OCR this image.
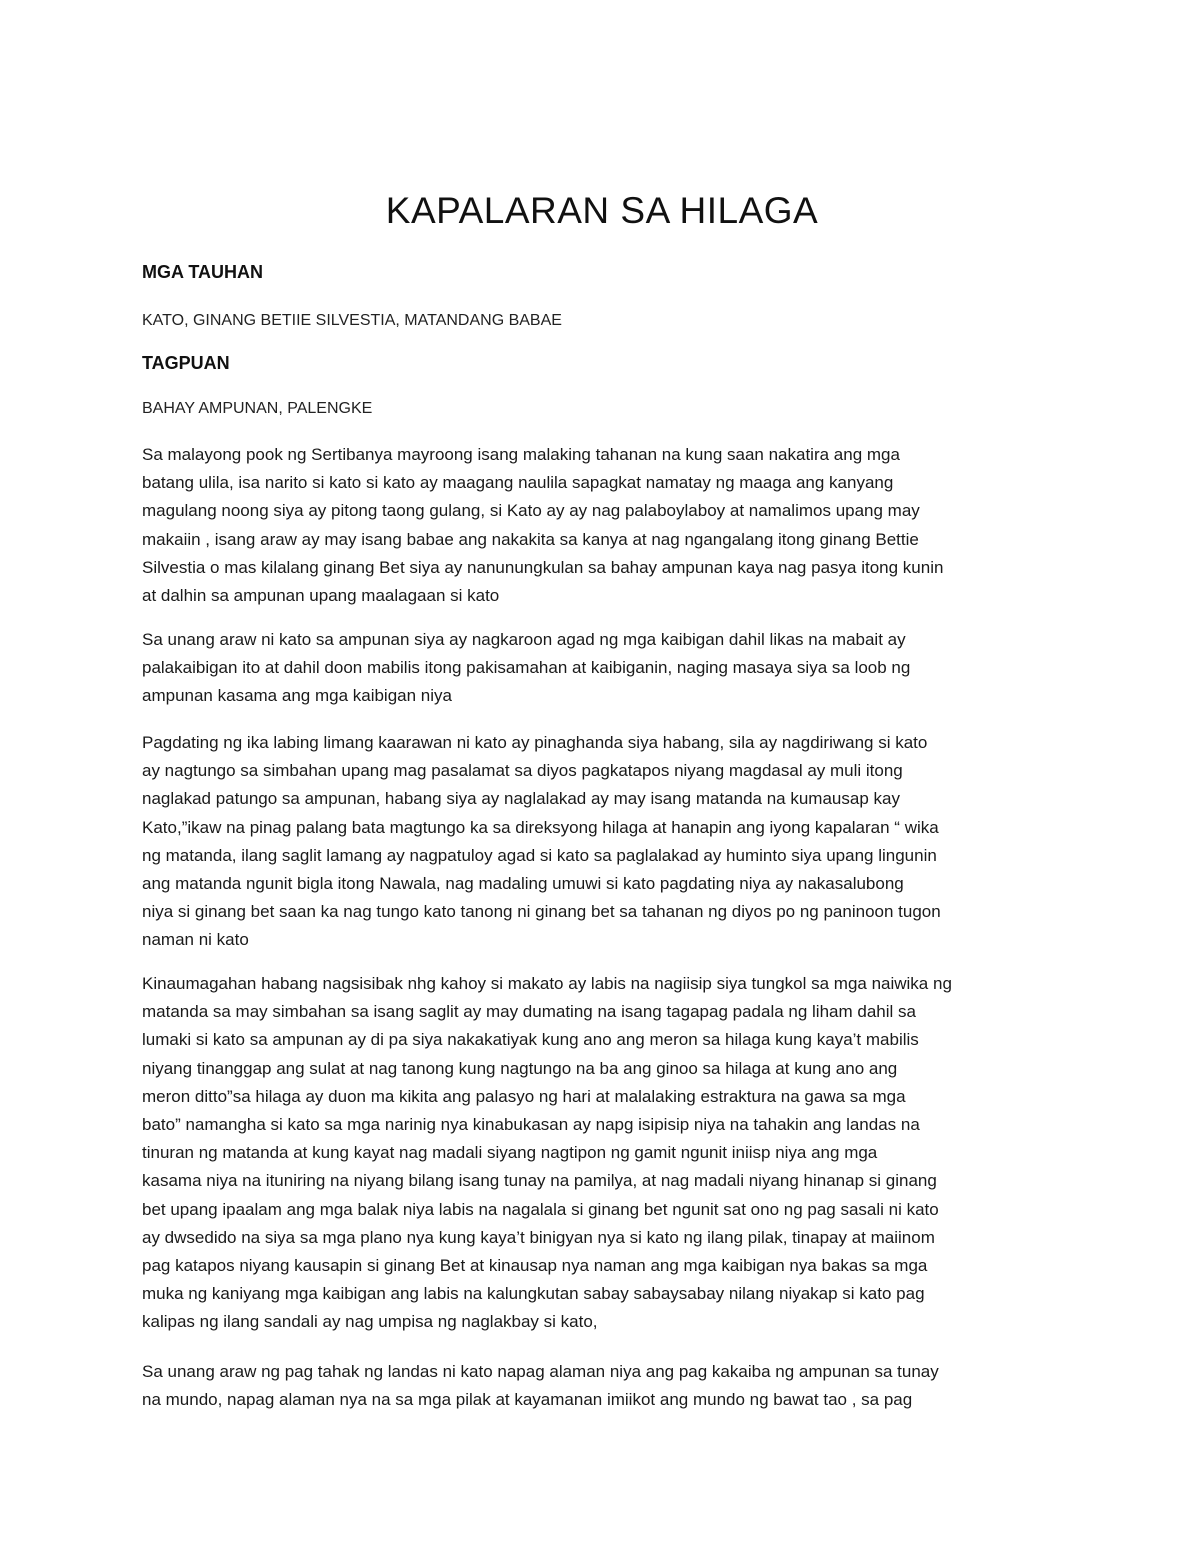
KAPALARAN SA HILAGA
MGA TAUHAN

KATO, GINANG BETIIE SILVESTIA, MATANDANG BABAE

TAGPUAN

BAHAY AMPUNAN, PALENGKE

Sa malayong pook ng Sertibanya mayroong isang malaking tahanan na kung saan nakatira ang mga
batang ulila, isa narito si kato si kato ay maagang naulila sapagkat namatay ng maaga ang kanyang
magulang noong siya ay pitong taong gulang, si Kato ay ay nag palaboylaboy at namalimos upang may
makaiin , isang araw ay may isang babae ang nakakita sa kanya at nag ngangalang itong ginang Bettie
Silvestia o mas kilalang ginang Bet siya ay nanunungkulan sa bahay ampunan kaya nag pasya itong kunin
at dalhin sa ampunan upang maalagaan si kato

Sa unang araw ni kato sa ampunan siya ay nagkaroon agad ng mga kaibigan dahil likas na mabait ay
palakaibigan ito at dahil doon mabilis itong pakisamahan at kaibiganin, naging masaya siya sa loob ng
ampunan kasama ang mga kaibigan niya

Pagdating ng ika labing limang kaarawan ni kato ay pinaghanda siya habang, sila ay nagdiriwang si kato
ay nagtungo sa simbahan upang mag pasalamat sa diyos pagkatapos niyang magdasal ay muli itong
naglakad patungo sa ampunan, habang siya ay naglalakad ay may isang matanda na kumausap kay
Kato,”ikaw na pinag palang bata magtungo ka sa direksyong hilaga at hanapin ang iyong kapalaran “ wika
ng matanda, ilang saglit lamang ay nagpatuloy agad si kato sa paglalakad ay huminto siya upang lingunin
ang matanda ngunit bigla itong Nawala, nag madaling umuwi si kato pagdating niya ay nakasalubong
niya si ginang bet saan ka nag tungo kato tanong ni ginang bet sa tahanan ng diyos po ng paninoon tugon
naman ni kato

Kinaumagahan habang nagsisibak nhg kahoy si makato ay labis na nagiisip siya tungkol sa mga naiwika ng
matanda sa may simbahan sa isang saglit ay may dumating na isang tagapag padala ng liham dahil sa
lumaki si kato sa ampunan ay di pa siya nakakatiyak kung ano ang meron sa hilaga kung kaya’t mabilis
niyang tinanggap ang sulat at nag tanong kung nagtungo na ba ang ginoo sa hilaga at kung ano ang
meron ditto”sa hilaga ay duon ma kikita ang palasyo ng hari at malalaking estraktura na gawa sa mga
bato” namangha si kato sa mga narinig nya kinabukasan ay napg isipisip niya na tahakin ang landas na
tinuran ng matanda at kung kayat nag madali siyang nagtipon ng gamit ngunit iniisp niya ang mga
kasama niya na ituniring na niyang bilang isang tunay na pamilya, at nag madali niyang hinanap si ginang
bet upang ipaalam ang mga balak niya labis na nagalala si ginang bet ngunit sat ono ng pag sasali ni kato
ay dwsedido na siya sa mga plano nya kung kaya’t binigyan nya si kato ng ilang pilak, tinapay at maiinom
pag katapos niyang kausapin si ginang Bet at kinausap nya naman ang mga kaibigan nya bakas sa mga
muka ng kaniyang mga kaibigan ang labis na kalungkutan sabay sabaysabay nilang niyakap si kato pag
kalipas ng ilang sandali ay nag umpisa ng naglakbay si kato,

Sa unang araw ng pag tahak ng landas ni kato napag alaman niya ang pag kakaiba ng ampunan sa tunay
na mundo, napag alaman nya na sa mga pilak at kayamanan imiikot ang mundo ng bawat tao , sa pag
